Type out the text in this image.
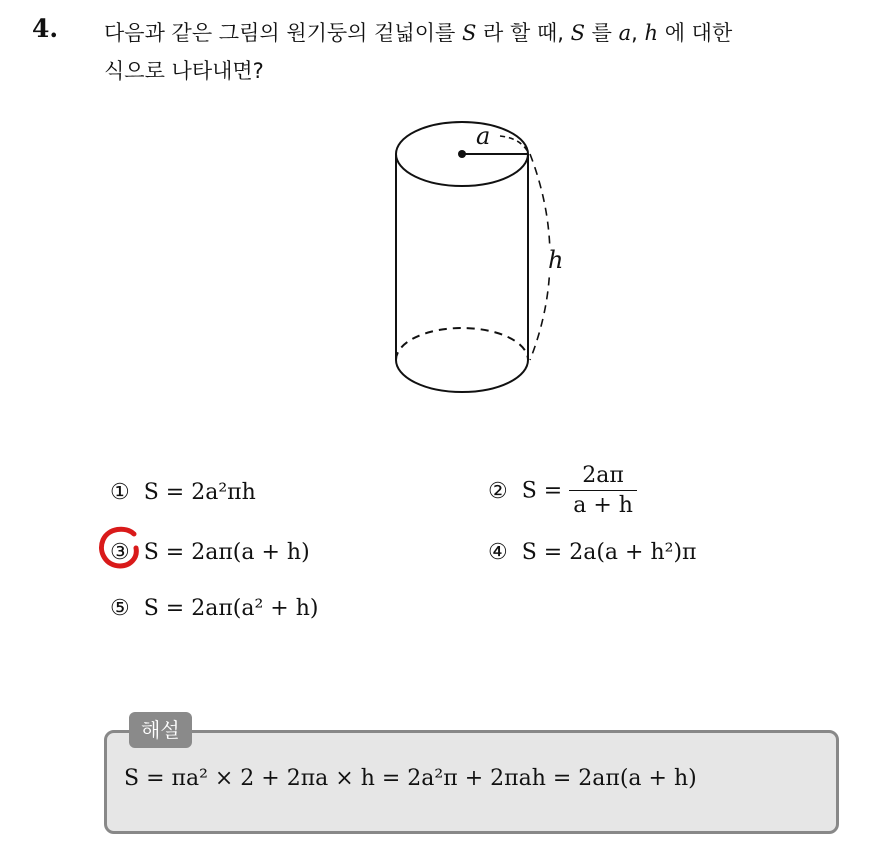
4. 다음과 같은 그림의 원기둥의 겉넓이를 S 라 할 때, S 를 a, h 에 대한
식으로 나타내면?
a
h
① S = 2a²πh	② $S = \frac{2a\pi}{a + h}$
③ S = 2aπ(a + h)	④ S = 2a(a + h²)π
⑤ S = 2aπ(a² + h)
해설
S = πa² × 2 + 2πa × h = 2a²π + 2πah = 2aπ(a + h)
